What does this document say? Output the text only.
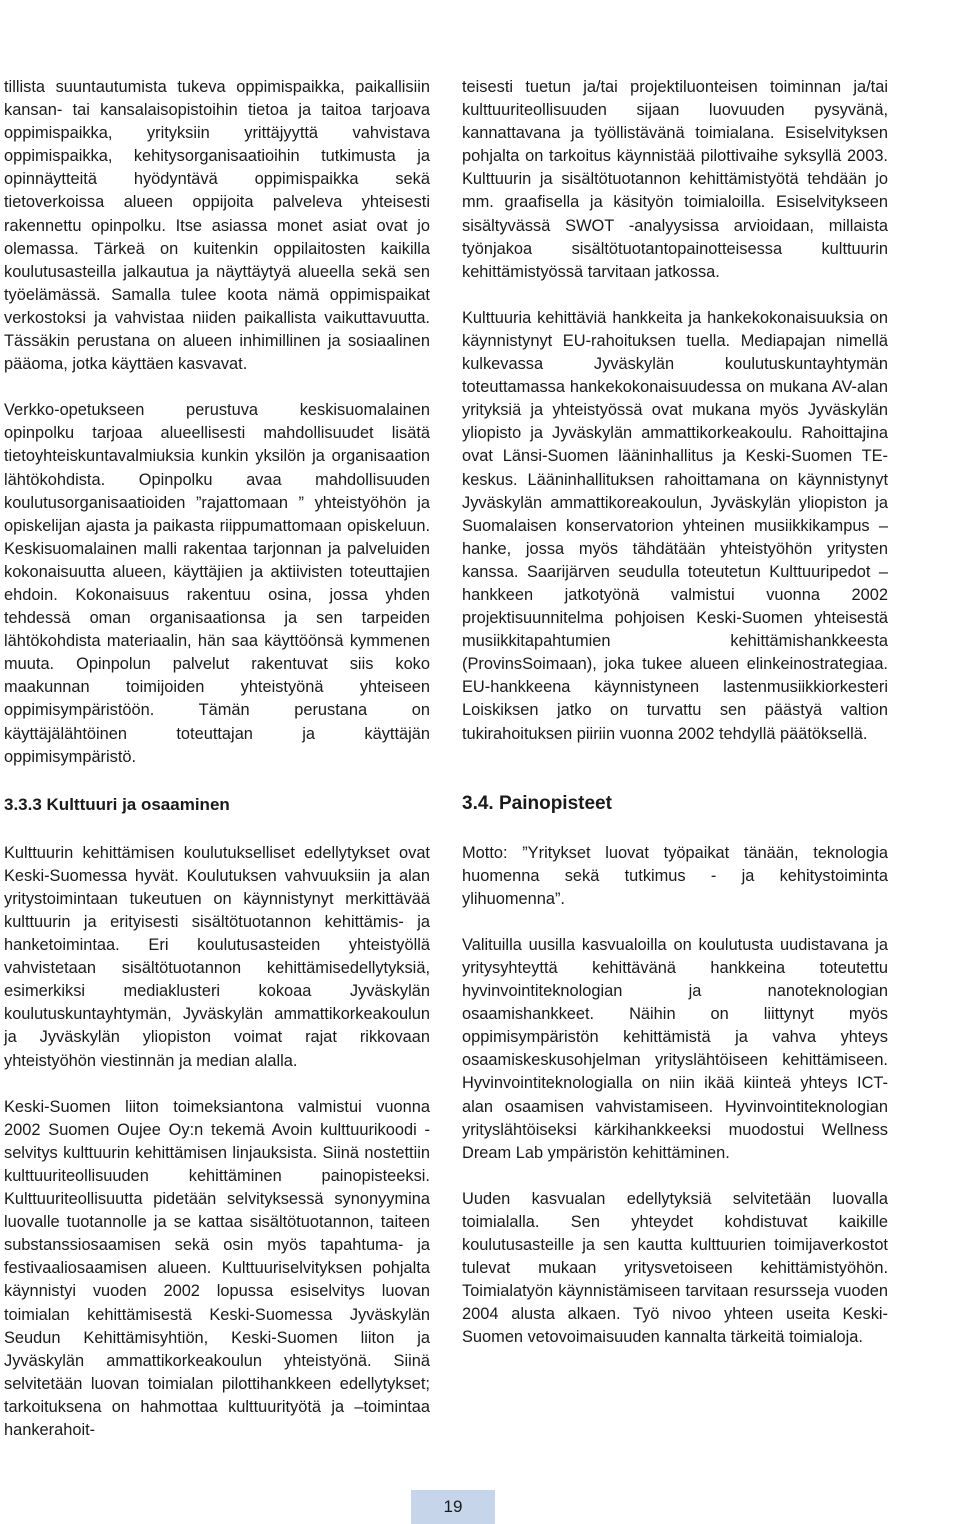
tillista suuntautumista tukeva oppimispaikka, paikallisiin kansan- tai kansalaisopistoihin tietoa ja taitoa tarjoava oppimispaikka, yrityksiin yrittäjyyttä vahvistava oppimispaikka, kehitysorganisaatioihin tutkimusta ja opinnäytteitä hyödyntävä oppimispaikka sekä tietoverkoissa alueen oppijoita palveleva yhteisesti rakennettu opinpolku. Itse asiassa monet asiat ovat jo olemassa. Tärkeä on kuitenkin oppilaitosten kaikilla koulutusasteilla jalkautua ja näyttäytyä alueella sekä sen työelämässä. Samalla tulee koota nämä oppimispaikat verkostoksi ja vahvistaa niiden paikallista vaikuttavuutta. Tässäkin perustana on alueen inhimillinen ja sosiaalinen pääoma, jotka käyttäen kasvavat.

Verkko-opetukseen perustuva keskisuomalainen opinpolku tarjoaa alueellisesti mahdollisuudet lisätä tietoyhteiskuntavalmiuksia kunkin yksilön ja organisaation lähtökohdista. Opinpolku avaa mahdollisuuden koulutusorganisaatioiden ”rajattomaan ” yhteistyöhön ja opiskelijan ajasta ja paikasta riippumattomaan opiskeluun. Keskisuomalainen malli rakentaa tarjonnan ja palveluiden kokonaisuutta alueen, käyttäjien ja aktiivisten toteuttajien ehdoin. Kokonaisuus rakentuu osina, jossa yhden tehdessä oman organisaationsa ja sen tarpeiden lähtökohdista materiaalin, hän saa käyttöönsä kymmenen muuta. Opinpolun palvelut rakentuvat siis koko maakunnan toimijoiden yhteistyönä yhteiseen oppimisympäristöön. Tämän perustana on käyttäjälähtöinen toteuttajan ja käyttäjän oppimisympäristö.

3.3.3 Kulttuuri ja osaaminen

Kulttuurin kehittämisen koulutukselliset edellytykset ovat Keski-Suomessa hyvät. Koulutuksen vahvuuksiin ja alan yritystoimintaan tukeutuen on käynnistynyt merkittävää kulttuurin ja erityisesti sisältötuotannon kehittämis- ja hanketoimintaa. Eri koulutusasteiden yhteistyöllä vahvistetaan sisältötuotannon kehittämisedellytyksiä, esimerkiksi mediaklusteri kokoaa Jyväskylän koulutuskuntayhtymän, Jyväskylän ammattikorkeakoulun ja Jyväskylän yliopiston voimat rajat rikkovaan yhteistyöhön viestinnän ja median alalla.

Keski-Suomen liiton toimeksiantona valmistui vuonna 2002 Suomen Oujee Oy:n tekemä Avoin kulttuurikoodi -selvitys kulttuurin kehittämisen linjauksista. Siinä nostettiin kulttuuriteollisuuden kehittäminen painopisteeksi. Kulttuuriteollisuutta pidetään selvityksessä synonyymina luovalle tuotannolle ja se kattaa sisältötuotannon, taiteen substanssiosaamisen sekä osin myös tapahtuma- ja festivaaliosaamisen alueen. Kulttuuriselvityksen pohjalta käynnistyi vuoden 2002 lopussa esiselvitys luovan toimialan kehittämisestä Keski-Suomessa Jyväskylän Seudun Kehittämisyhtiön, Keski-Suomen liiton ja Jyväskylän ammattikorkeakoulun yhteistyönä. Siinä selvitetään luovan toimialan pilottihankkeen edellytykset; tarkoituksena on hahmottaa kulttuurityötä ja –toimintaa hankerahoit-

teisesti tuetun ja/tai projektiluonteisen toiminnan ja/tai kulttuuriteollisuuden sijaan luovuuden pysyvänä, kannattavana ja työllistävänä toimialana. Esiselvityksen pohjalta on tarkoitus käynnistää pilottivaihe syksyllä 2003. Kulttuurin ja sisältötuotannon kehittämistyötä tehdään jo mm. graafisella ja käsityön toimialoilla. Esiselvitykseen sisältyvässä SWOT -analyysissa arvioidaan, millaista työnjakoa sisältötuotantopainotteisessa kulttuurin kehittämistyössä tarvitaan jatkossa.

Kulttuuria kehittäviä hankkeita ja hankekokonaisuuksia on käynnistynyt EU-rahoituksen tuella. Mediapajan nimellä kulkevassa Jyväskylän koulutuskuntayhtymän toteuttamassa hankekokonaisuudessa on mukana AV-alan yrityksiä ja yhteistyössä ovat mukana myös Jyväskylän yliopisto ja Jyväskylän ammattikorkeakoulu. Rahoittajina ovat Länsi-Suomen lääninhallitus ja Keski-Suomen TE-keskus. Lääninhallituksen rahoittamana on käynnistynyt Jyväskylän ammattikoreakoulun, Jyväskylän yliopiston ja Suomalaisen konservatorion yhteinen musiikkikampus –hanke, jossa myös tähdätään yhteistyöhön yritysten kanssa. Saarijärven seudulla toteutetun Kulttuuripedot – hankkeen jatkotyönä valmistui vuonna 2002 projektisuunnitelma pohjoisen Keski-Suomen yhteisestä musiikkitapahtumien kehittämishankkeesta (ProvinsSoimaan), joka tukee alueen elinkeinostrategiaa. EU-hankkeena käynnistyneen lastenmusiikkiorkesteri Loiskiksen jatko on turvattu sen päästyä valtion tukirahoituksen piiriin vuonna 2002 tehdyllä päätöksellä.

3.4. Painopisteet

Motto: ”Yritykset luovat työpaikat tänään, teknologia huomenna sekä tutkimus - ja kehitystoiminta ylihuomenna”.

Valituilla uusilla kasvualoilla on koulutusta uudistavana ja yritysyhteyttä kehittävänä hankkeina toteutettu hyvinvointiteknologian ja nanoteknologian osaamishankkeet. Näihin on liittynyt myös oppimisympäristön kehittämistä ja vahva yhteys osaamiskeskusohjelman yrityslähtöiseen kehittämiseen. Hyvinvointiteknologialla on niin ikää kiinteä yhteys ICT-alan osaamisen vahvistamiseen. Hyvinvointiteknologian yrityslähtöiseksi kärkihankkeeksi muodostui Wellness Dream Lab ympäristön kehittäminen.

Uuden kasvualan edellytyksiä selvitetään luovalla toimialalla. Sen yhteydet kohdistuvat kaikille koulutusasteille ja sen kautta kulttuurien toimijaverkostot tulevat mukaan yritysvetoiseen kehittämistyöhön. Toimialatyön käynnistämiseen tarvitaan resursseja vuoden 2004 alusta alkaen. Työ nivoo yhteen useita Keski- Suomen vetovoimaisuuden kannalta tärkeitä toimialoja.

19
